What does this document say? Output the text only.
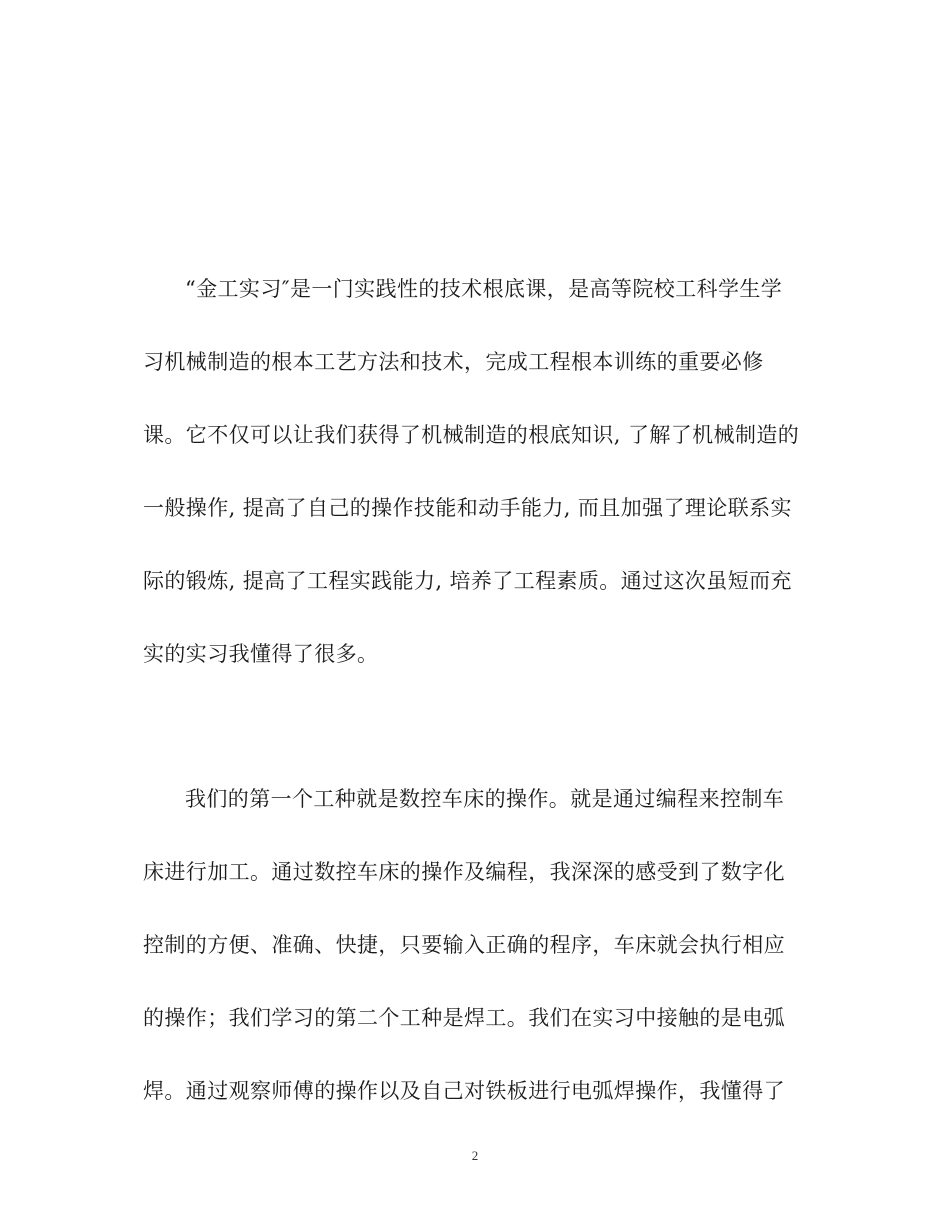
“金工实习″是一门实践性的技术根底课，是高等院校工科学生学
习机械制造的根本工艺方法和技术，完成工程根本训练的重要必修
课。它不仅可以让我们获得了机械制造的根底知识, 了解了机械制造的
一般操作, 提高了自己的操作技能和动手能力, 而且加强了理论联系实
际的锻炼, 提高了工程实践能力, 培养了工程素质。通过这次虽短而充
实的实习我懂得了很多。
我们的第一个工种就是数控车床的操作。就是通过编程来控制车
床进行加工。通过数控车床的操作及编程，我深深的感受到了数字化
控制的方便、准确、快捷，只要输入正确的程序，车床就会执行相应
的操作；我们学习的第二个工种是焊工。我们在实习中接触的是电弧
焊。通过观察师傅的操作以及自己对铁板进行电弧焊操作，我懂得了
2
